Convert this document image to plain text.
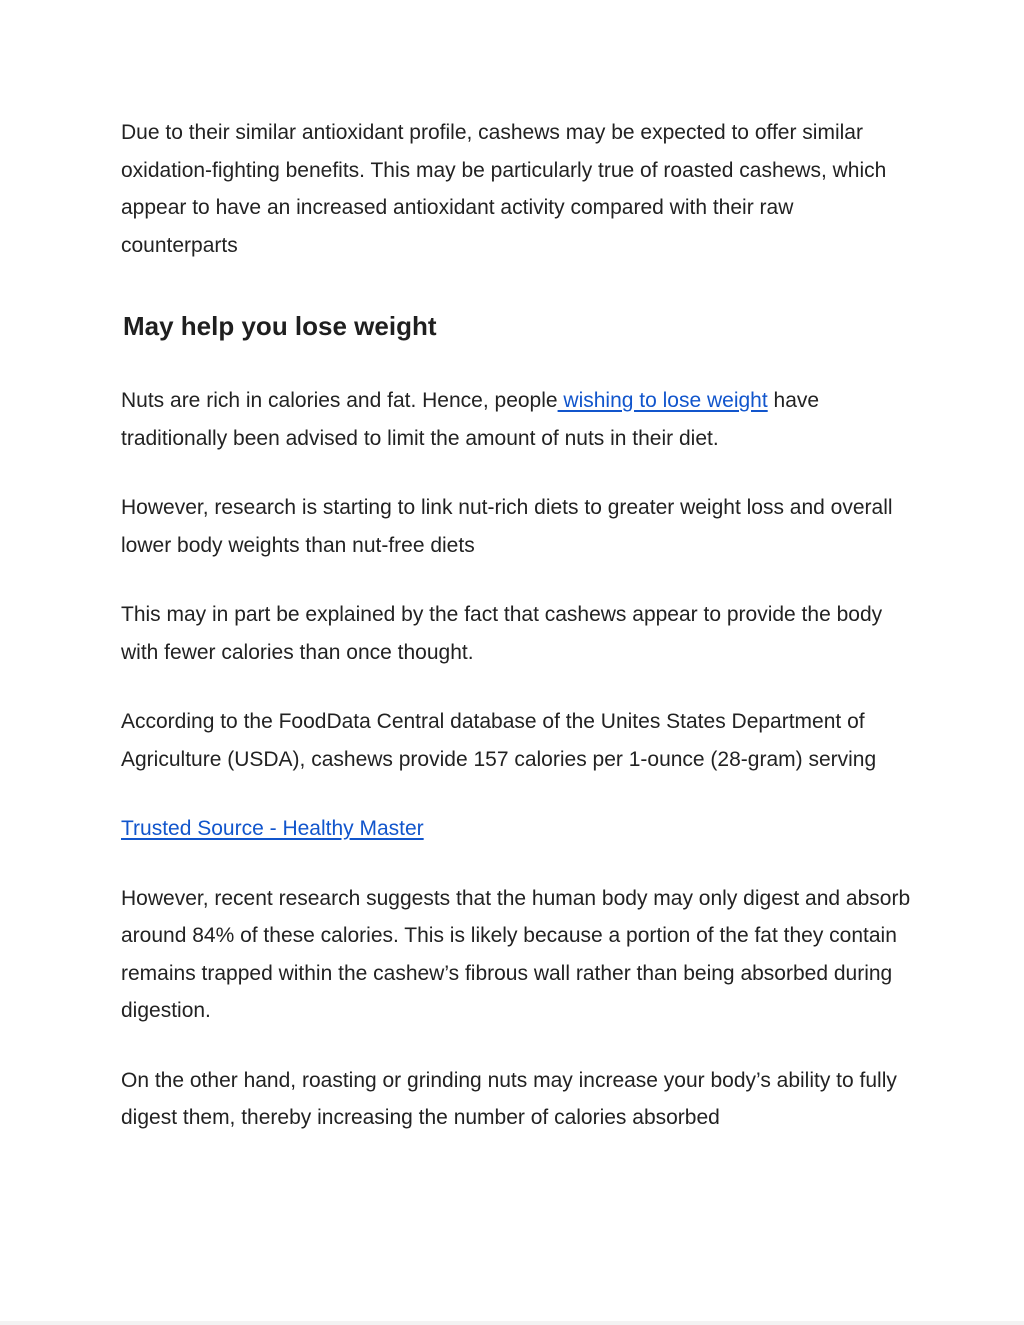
Due to their similar antioxidant profile, cashews may be expected to offer similar oxidation-fighting benefits. This may be particularly true of roasted cashews, which appear to have an increased antioxidant activity compared with their raw counterparts

May help you lose weight

Nuts are rich in calories and fat. Hence, people wishing to lose weight have traditionally been advised to limit the amount of nuts in their diet.

However, research is starting to link nut-rich diets to greater weight loss and overall lower body weights than nut-free diets

This may in part be explained by the fact that cashews appear to provide the body with fewer calories than once thought.

According to the FoodData Central database of the Unites States Department of Agriculture (USDA), cashews provide 157 calories per 1-ounce (28-gram) serving

Trusted Source - Healthy Master

However, recent research suggests that the human body may only digest and absorb around 84% of these calories. This is likely because a portion of the fat they contain remains trapped within the cashew’s fibrous wall rather than being absorbed during digestion.

On the other hand, roasting or grinding nuts may increase your body’s ability to fully digest them, thereby increasing the number of calories absorbed
